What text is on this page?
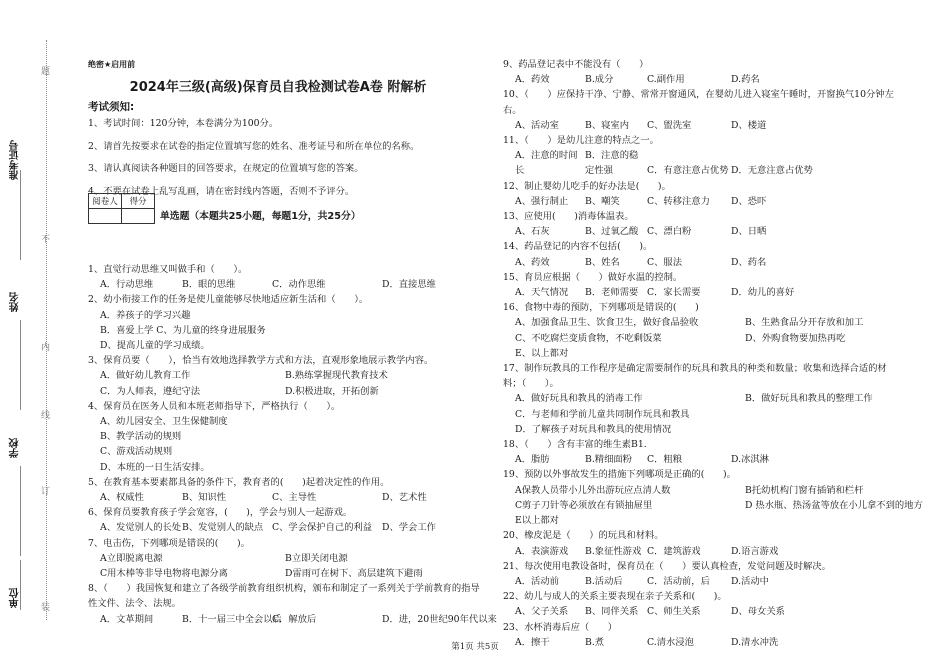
准考证号
姓名
学校
单位
题
不
内
线
订
装
绝密★启用前
2024年三级(高级)保育员自我检测试卷A卷 附解析
考试须知:
1、考试时间：120分钟，本卷满分为100分。
2、请首先按要求在试卷的指定位置填写您的姓名、准考证号和所在单位的名称。
3、请认真阅读各种题目的回答要求，在规定的位置填写您的答案。
4、不要在试卷上乱写乱画，请在密封线内答题，否则不予评分。
阅卷人	得分

单选题（本题共25小题，每题1分，共25分）
1、直觉行动思维又叫做手和（　　）。
A．行动思维	B．眼的思维	C．动作思维	D．直接思维
2、幼小衔接工作的任务是使儿童能够尽快地适应新生活和（　　）。
A．养孩子的学习兴趣
B．喜爱上学 C、为儿童的终身进展服务
D、提高儿童的学习成绩。
3、保育员要（　　），恰当有效地选择教学方式和方法，直观形象地展示教学内容。
A．做好幼儿教育工作	B.熟练掌握现代教育技术
C．为人师表，遵纪守法	D.积极进取，开拓创新
4、保育员在医务人员和本班老师指导下，严格执行（　　）。
A、幼儿园安全、卫生保健制度
B、教学活动的规则
C、游戏活动规则
D、本班的一日生活安排。
5、在教育基本要素都具备的条件下，教育者的(　　)起着决定性的作用。
A、权威性	B、知识性	C、主导性	D、艺术性
6、保育员要教育孩子学会宽容，(　　)，学会与别人一起游戏。
A、发觉别人的长处B、发觉别人的缺点 C、学会保护自己的利益 D、学会工作
7、电击伤，下列哪项是错误的(　　)。
A立即脱离电源	B立即关闭电源
C用木棒等非导电物将电源分离	D雷雨可在树下、高层建筑下避雨
8、（　　）我国恢复和建立了各级学前教育组织机构，颁布和制定了一系列关于学前教育的指导性文件、法令、法规。
A．文革期间	B．十一届三中全会以后C．解放后	D．进，20世纪90年代以来
9、药品登记表中不能没有（　　）
A．药效	B.成分	C.副作用	D.药名
10、（　　）应保持干净、宁静、常常开窗通风，在婴幼儿进入寝室午睡时，开窗换气10分钟左右。
A、活动室	B、寝室内 C、盥洗室	D、楼道
11、（　　）是幼儿注意的特点之一。
A．注意的时间长B．注意的稳定性强	C．有意注意占优势 D．无意注意占优势
12、制止婴幼儿吃手的好办法是(　　)。
A、强行制止 B、嘲笑	C、转移注意力 D、恐吓
13、应使用(　　)消毒体温表。
A、石灰	B、过氧乙酸 C、漂白粉	D、日晒
14、药品登记的内容不包括(　　)。
A、药效	B、姓名	C、服法	D、药名
15、育员应根据（　　）做好水温的控制。
A．天气情况 B．老师需要 C．家长需要	D．幼儿的喜好
16、食物中毒的预防，下列哪项是错误的(　　)
A、加强食品卫生、饮食卫生，做好食品验收	B、生熟食品分开存放和加工
C、不吃腐烂变质食物，不吃剩饭菜	D、外购食物要加热再吃
E、以上都对
17、制作玩教具的工作程序是确定需要制作的玩具和教具的种类和数量；收集和选择合适的材料；（　　）。
A．做好玩具和教具的消毒工作	B．做好玩具和教具的整理工作
C．与老师和学前儿童共同制作玩具和教具D．了解孩子对玩具和教具的使用情况
18、（　　）含有丰富的维生素B1.
A．脂肪	B.精细面粉 C．粗粮	D.冰淇淋
19、预防以外事故发生的措施下列哪项是正确的(　　)。
A保教人员带小儿外出游玩应点清人数	B托幼机构门窗有插销和栏杆
C剪子刀针等必须放在有锁抽屉里	D 热水瓶、热汤盆等放在小儿拿不到的地方
E以上都对
20、橡皮泥是（　　）的玩具和材料。
A．表演游戏 B.象征性游戏 C．建筑游戏	D.语言游戏
21、每次使用电教设备时，保育员在（　　）要认真检查，发觉问题及时解决。
A．活动前	B.活动后	C．活动前，后 D.活动中
22、幼儿与成人的关系主要表现在亲子关系和(　　)。
A、父子关系 B、同伴关系 C、师生关系	D、母女关系
23、水杯消毒后应（　　）
A．擦干	B.煮	C.清水浸泡	D.清水冲洗
第1页 共5页
